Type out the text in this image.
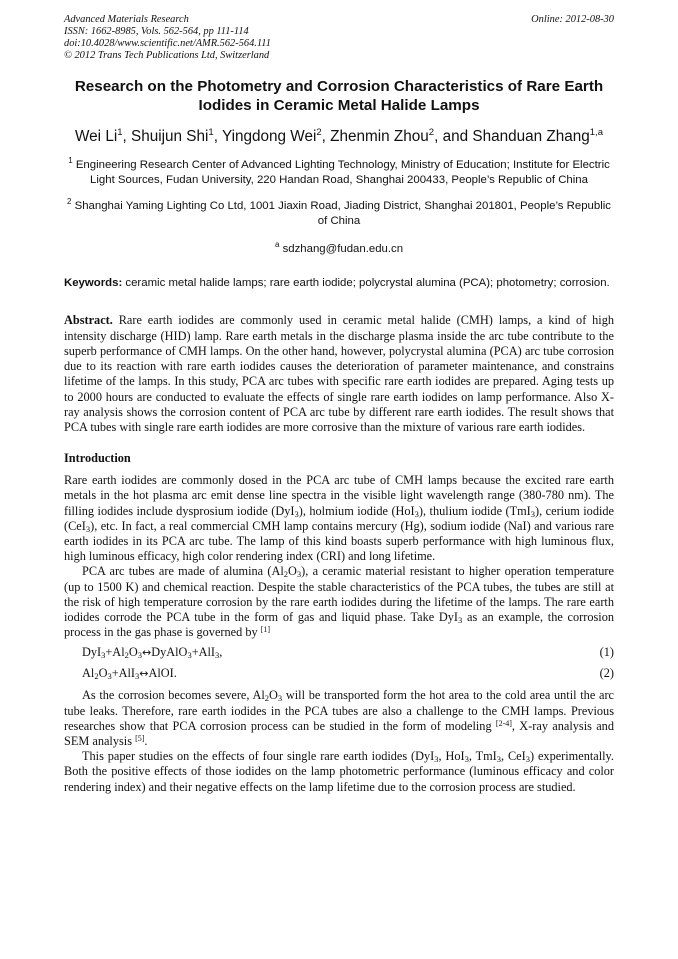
Advanced Materials Research	Online: 2012-08-30
ISSN: 1662-8985, Vols. 562-564, pp 111-114
doi:10.4028/www.scientific.net/AMR.562-564.111
© 2012 Trans Tech Publications Ltd, Switzerland
Research on the Photometry and Corrosion Characteristics of Rare Earth Iodides in Ceramic Metal Halide Lamps
Wei Li$^1$, Shuijun Shi$^1$, Yingdong Wei$^2$, Zhenmin Zhou$^2$, and Shanduan Zhang$^{1,a}$
$^1$ Engineering Research Center of Advanced Lighting Technology, Ministry of Education; Institute for Electric Light Sources, Fudan University, 220 Handan Road, Shanghai 200433, People’s Republic of China
$^2$ Shanghai Yaming Lighting Co Ltd, 1001 Jiaxin Road, Jiading District, Shanghai 201801, People’s Republic of China
$^a$ sdzhang@fudan.edu.cn
Keywords: ceramic metal halide lamps; rare earth iodide; polycrystal alumina (PCA); photometry; corrosion.
Abstract. Rare earth iodides are commonly used in ceramic metal halide (CMH) lamps, a kind of high intensity discharge (HID) lamp. Rare earth metals in the discharge plasma inside the arc tube contribute to the superb performance of CMH lamps. On the other hand, however, polycrystal alumina (PCA) arc tube corrosion due to its reaction with rare earth iodides causes the deterioration of parameter maintenance, and constrains lifetime of the lamps. In this study, PCA arc tubes with specific rare earth iodides are prepared. Aging tests up to 2000 hours are conducted to evaluate the effects of single rare earth iodides on lamp performance. Also X-ray analysis shows the corrosion content of PCA arc tube by different rare earth iodides. The result shows that PCA tubes with single rare earth iodides are more corrosive than the mixture of various rare earth iodides.
Introduction
Rare earth iodides are commonly dosed in the PCA arc tube of CMH lamps because the excited rare earth metals in the hot plasma arc emit dense line spectra in the visible light wavelength range (380-780 nm). The filling iodides include dysprosium iodide (DyI$_3$), holmium iodide (HoI$_3$), thulium iodide (TmI$_3$), cerium iodide (CeI$_3$), etc. In fact, a real commercial CMH lamp contains mercury (Hg), sodium iodide (NaI) and various rare earth iodides in its PCA arc tube. The lamp of this kind boasts superb performance with high luminous flux, high luminous efficacy, high color rendering index (CRI) and long lifetime.
PCA arc tubes are made of alumina $(Al_2O_3)$, a ceramic material resistant to higher operation temperature (up to 1500 K) and chemical reaction. Despite the stable characteristics of the PCA tubes, the tubes are still at the risk of high temperature corrosion by the rare earth iodides during the lifetime of the lamps. The rare earth iodides corrode the PCA tube in the form of gas and liquid phase. Take DyI$_3$ as an example, the corrosion process in the gas phase is governed by [1]
$DyI_3+Al_2O_3\leftrightarrow DyAlO_3+AlI_3$,	(1)
$Al_2O_3+AlI_3\leftrightarrow AlOI$.	(2)
As the corrosion becomes severe, $Al_2O_3$ will be transported form the hot area to the cold area until the arc tube leaks. Therefore, rare earth iodides in the PCA tubes are also a challenge to the CMH lamps. Previous researches show that PCA corrosion process can be studied in the form of modeling [2-4], X-ray analysis and SEM analysis [5].
This paper studies on the effects of four single rare earth iodides (DyI$_3$, HoI$_3$, TmI$_3$, CeI$_3$) experimentally. Both the positive effects of those iodides on the lamp photometric performance (luminous efficacy and color rendering index) and their negative effects on the lamp lifetime due to the corrosion process are studied.
